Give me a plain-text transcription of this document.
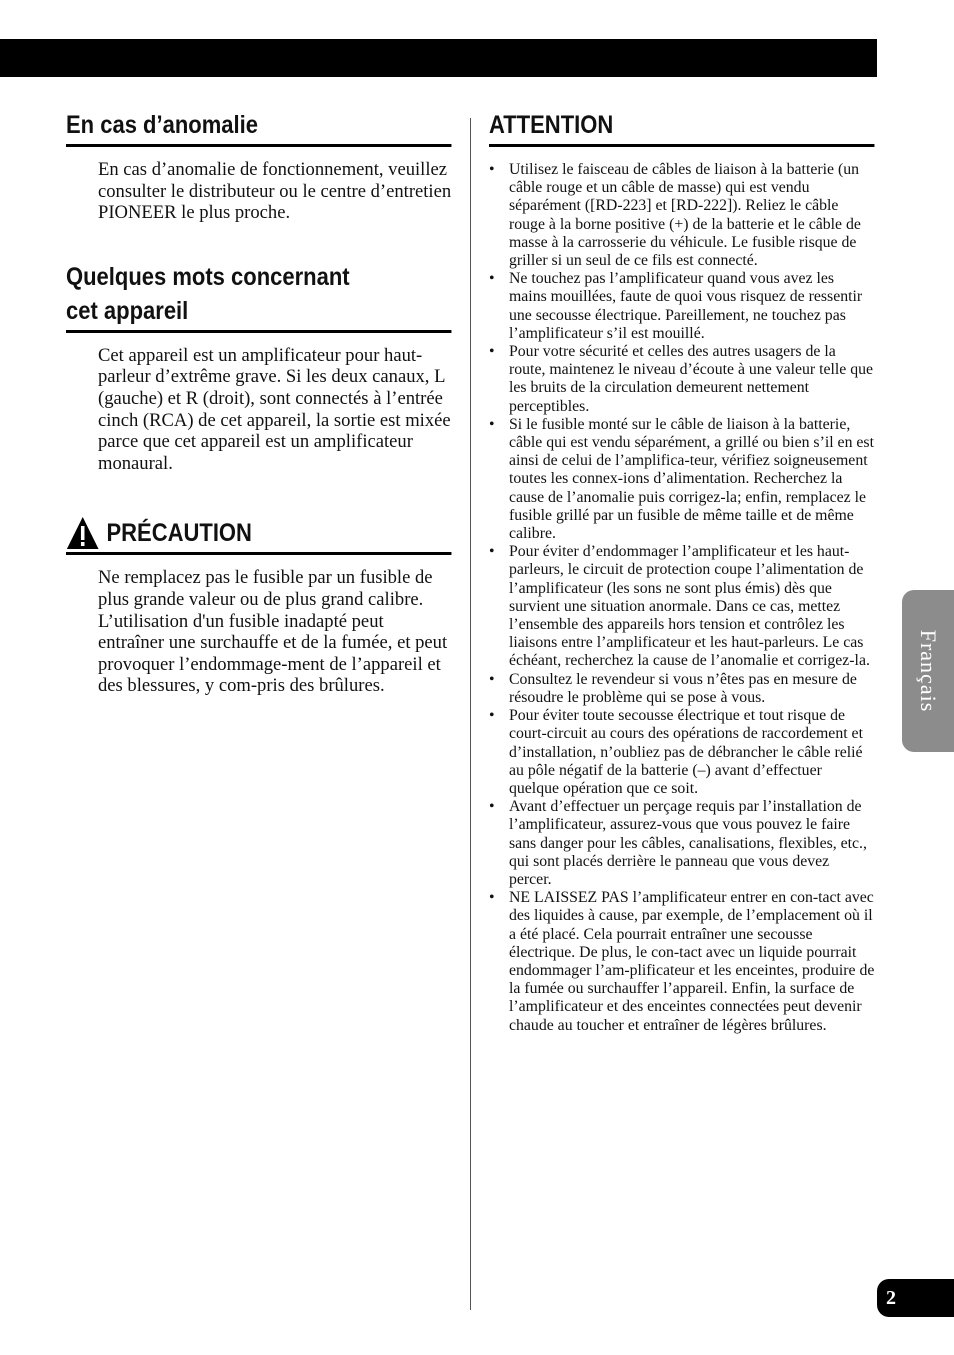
En cas d’anomalie

En cas d’anomalie de fonctionnement, veuillez consulter le distributeur ou le centre d’entretien PIONEER le plus proche.

Quelques mots concernant
cet appareil

Cet appareil est un amplificateur pour haut-parleur d’extrême grave. Si les deux canaux, L (gauche) et R (droit), sont connectés à l’entrée cinch (RCA) de cet appareil, la sortie est mixée parce que cet appareil est un amplificateur monaural.

PRÉCAUTION

Ne remplacez pas le fusible par un fusible de plus grande valeur ou de plus grand calibre. L’utilisation d'un fusible inadapté peut entraîner une surchauffe et de la fumée, et peut provoquer l’endommage-ment de l’appareil et des blessures, y com-pris des brûlures.

ATTENTION
• Utilisez le faisceau de câbles de liaison à la batterie (un câble rouge et un câble de masse) qui est vendu séparément ([RD-223] et [RD-222]). Reliez le câble rouge à la borne positive (+) de la batterie et le câble de masse à la carrosserie du véhicule. Le fusible risque de griller si un seul de ce fils est connecté.
• Ne touchez pas l’amplificateur quand vous avez les mains mouillées, faute de quoi vous risquez de ressentir une secousse électrique. Pareillement, ne touchez pas l’amplificateur s’il est mouillé.
• Pour votre sécurité et celles des autres usagers de la route, maintenez le niveau d’écoute à une valeur telle que les bruits de la circulation demeurent nettement perceptibles.
• Si le fusible monté sur le câble de liaison à la batterie, câble qui est vendu séparément, a grillé ou bien s’il en est ainsi de celui de l’amplifica-teur, vérifiez soigneusement toutes les connex-ions d’alimentation. Recherchez la cause de l’anomalie puis corrigez-la; enfin, remplacez le fusible grillé par un fusible de même taille et de même calibre.
• Pour éviter d’endommager l’amplificateur et les haut-parleurs, le circuit de protection coupe l’alimentation de l’amplificateur (les sons ne sont plus émis) dès que survient une situation anormale. Dans ce cas, mettez l’ensemble des appareils hors tension et contrôlez les liaisons entre l’amplificateur et les haut-parleurs. Le cas échéant, recherchez la cause de l’anomalie et corrigez-la.
• Consultez le revendeur si vous n’êtes pas en mesure de résoudre le problème qui se pose à vous.
• Pour éviter toute secousse électrique et tout risque de court-circuit au cours des opérations de raccordement et d’installation, n’oubliez pas de débrancher le câble relié au pôle négatif de la batterie (–) avant d’effectuer quelque opération que ce soit.
• Avant d’effectuer un perçage requis par l’installation de l’amplificateur, assurez-vous que vous pouvez le faire sans danger pour les câbles, canalisations, flexibles, etc., qui sont placés derrière le panneau que vous devez percer.
• NE LAISSEZ PAS l’amplificateur entrer en con-tact avec des liquides à cause, par exemple, de l’emplacement où il a été placé. Cela pourrait entraîner une secousse électrique. De plus, le con-tact avec un liquide pourrait endommager l’am-plificateur et les enceintes, produire de la fumée ou surchauffer l’appareil. Enfin, la surface de l’amplificateur et des enceintes connectées peut devenir chaude au toucher et entraîner de légères brûlures.
Français
2
